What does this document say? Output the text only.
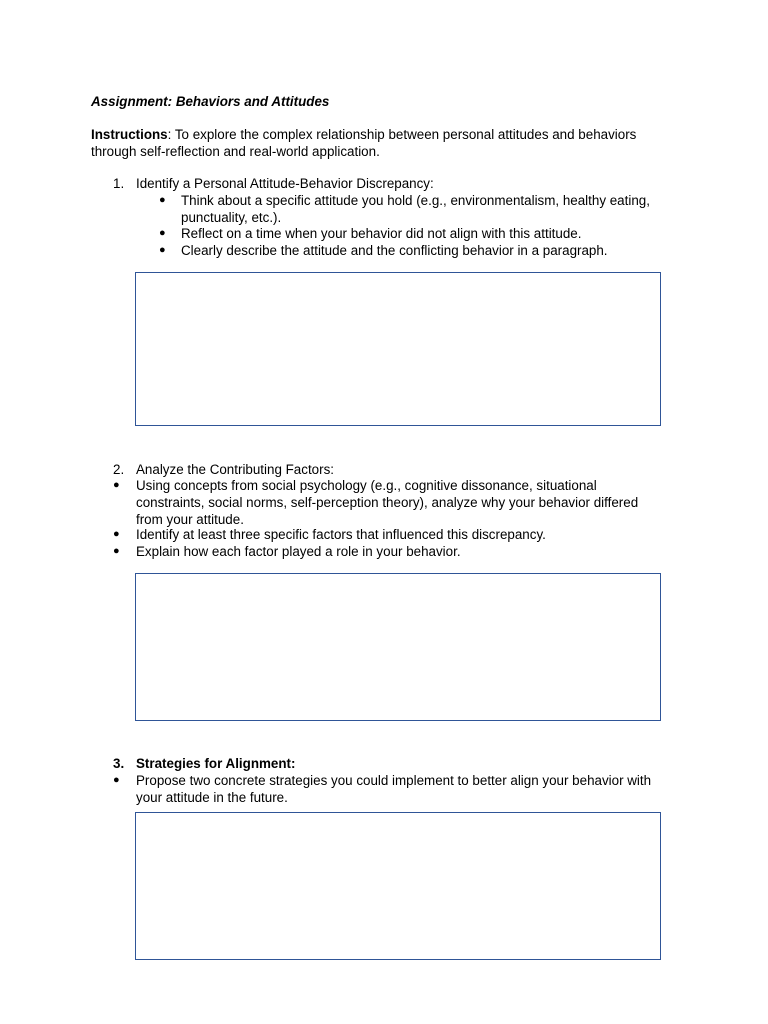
Assignment: Behaviors and Attitudes
Instructions: To explore the complex relationship between personal attitudes and behaviors through self-reflection and real-world application.
1. Identify a Personal Attitude-Behavior Discrepancy:
● Think about a specific attitude you hold (e.g., environmentalism, healthy eating, punctuality, etc.).
● Reflect on a time when your behavior did not align with this attitude.
● Clearly describe the attitude and the conflicting behavior in a paragraph.
2. Analyze the Contributing Factors:
● Using concepts from social psychology (e.g., cognitive dissonance, situational constraints, social norms, self-perception theory), analyze why your behavior differed from your attitude.
● Identify at least three specific factors that influenced this discrepancy.
● Explain how each factor played a role in your behavior.
3. Strategies for Alignment:
● Propose two concrete strategies you could implement to better align your behavior with your attitude in the future.
